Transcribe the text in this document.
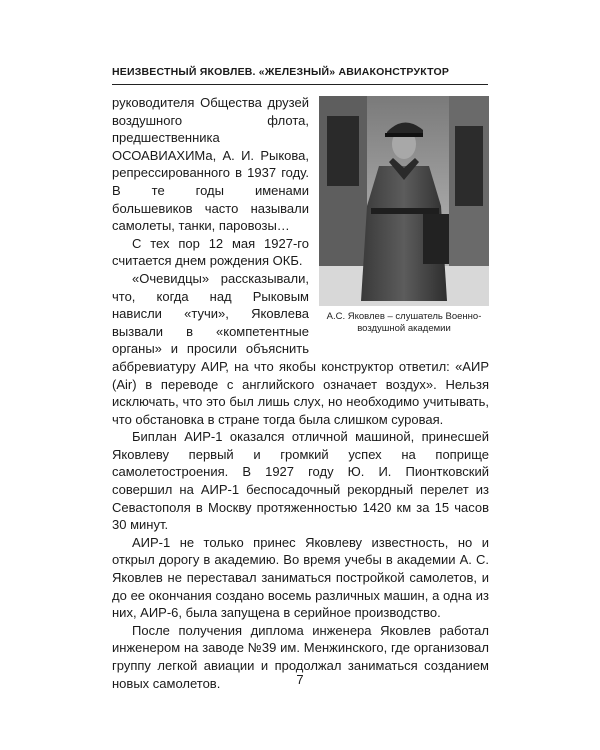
НЕИЗВЕСТНЫЙ ЯКОВЛЕВ. «ЖЕЛЕЗНЫЙ» АВИАКОНСТРУКТОР
А.С. Яковлев – слушатель Военно-воздушной академии

руководителя Общества друзей воздушного флота, предшественника ОСОАВИАХИМа, А. И. Рыкова, репрессированного в 1937 году. В те годы именами большевиков часто называли самолеты, танки, паровозы…

С тех пор 12 мая 1927-го считается днем рождения ОКБ.

«Очевидцы» рассказывали, что, когда над Рыковым нависли «тучи», Яковлева вызвали в «компетентные органы» и просили объяснить аббревиатуру АИР, на что якобы конструктор ответил: «АИР (Air) в переводе с английского означает воздух». Нельзя исключать, что это был лишь слух, но необходимо учитывать, что обстановка в стране тогда была слишком суровая.

Биплан АИР-1 оказался отличной машиной, принесшей Яковлеву первый и громкий успех на поприще самолетостроения. В 1927 году Ю. И. Пионтковский совершил на АИР-1 беспосадочный рекордный перелет из Севастополя в Москву протяженностью 1420 км за 15 часов 30 минут.

АИР-1 не только принес Яковлеву известность, но и открыл дорогу в академию. Во время учебы в академии А. С. Яковлев не переставал заниматься постройкой самолетов, и до ее окончания создано восемь различных машин, а одна из них, АИР-6, была запущена в серийное производство.

После получения диплома инженера Яковлев работал инженером на заводе №39 им. Менжинского, где организовал группу легкой авиации и продолжал заниматься созданием новых самолетов.	7
